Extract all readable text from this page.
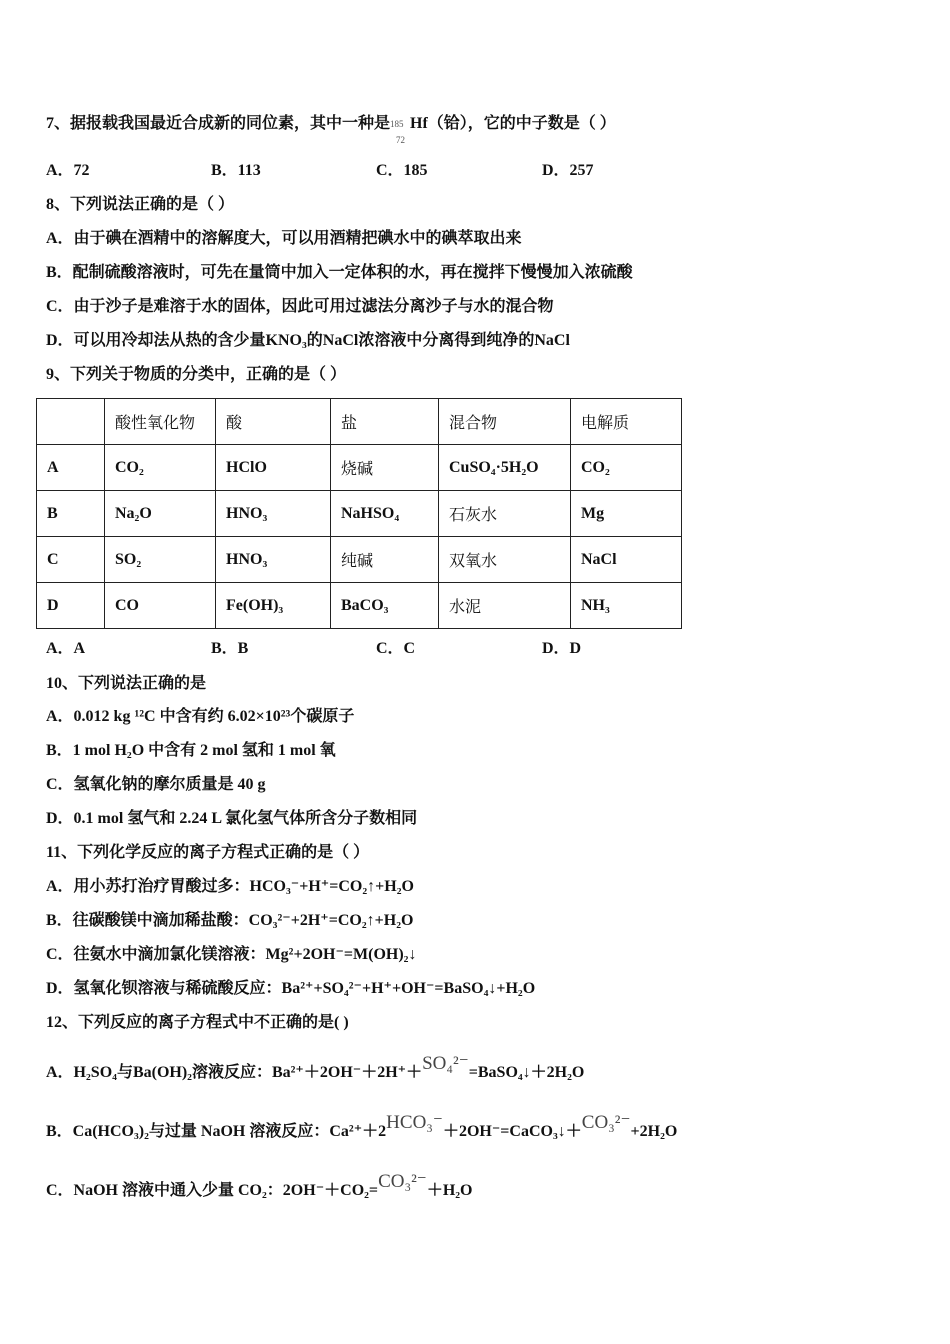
7、据报载我国最近合成新的同位素，其中一种是 185
72
Hf（铪），它的中子数是（ ）
A．72	B．113	C．185	D．257
8、下列说法正确的是（ ）
A．由于碘在酒精中的溶解度大，可以用酒精把碘水中的碘萃取出来
B．配制硫酸溶液时，可先在量筒中加入一定体积的水，再在搅拌下慢慢加入浓硫酸
C．由于沙子是难溶于水的固体，因此可用过滤法分离沙子与水的混合物
D．可以用冷却法从热的含少量KNO₃的NaCl浓溶液中分离得到纯净的NaCl
9、下列关于物质的分类中，正确的是（ ）
	酸性氧化物	酸	盐	混合物	电解质
A	CO₂	HClO	烧碱	CuSO₄·5H₂O	CO₂
B	Na₂O	HNO₃	NaHSO₄	石灰水	Mg
C	SO₂	HNO₃	纯碱	双氧水	NaCl
D	CO	Fe(OH)₃	BaCO₃	水泥	NH₃
A．A	B．B	C．C	D．D
10、下列说法正确的是
A．0.012 kg ¹²C 中含有约 6.02×10²³个碳原子
B．1 mol H₂O 中含有 2 mol 氢和 1 mol 氧
C．氢氧化钠的摩尔质量是 40 g
D．0.1 mol 氢气和 2.24 L 氯化氢气体所含分子数相同
11、下列化学反应的离子方程式正确的是（ ）
A．用小苏打治疗胃酸过多：HCO₃⁻+H⁺=CO₂↑+H₂O
B．往碳酸镁中滴加稀盐酸：CO₃²⁻+2H⁺=CO₂↑+H₂O
C．往氨水中滴加氯化镁溶液：Mg²+2OH⁻=M(OH)₂↓
D．氢氧化钡溶液与稀硫酸反应：Ba²⁺+SO₄²⁻+H⁺+OH⁻=BaSO₄↓+H₂O
12、下列反应的离子方程式中不正确的是( )
A．H₂SO₄与Ba(OH)₂溶液反应：Ba²⁺＋2OH⁻＋2H⁺＋SO₄²⁻=BaSO₄↓＋2H₂O
B．Ca(HCO₃)₂与过量 NaOH 溶液反应：Ca²⁺＋2HCO₃⁻＋2OH⁻=CaCO₃↓＋CO₃²⁻+2H₂O
C．NaOH 溶液中通入少量 CO₂：2OH⁻＋CO₂=CO₃²⁻＋H₂O
